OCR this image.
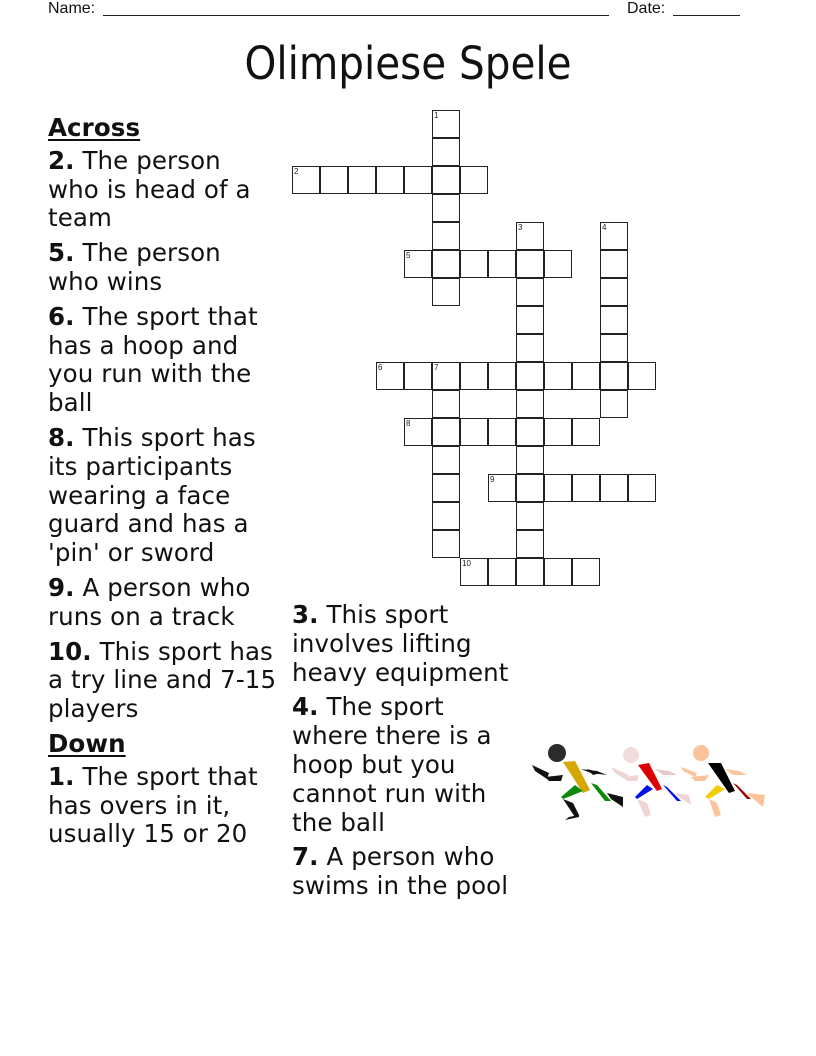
Name:	Date:
Olimpiese Spele
Across
2. The person who is head of a team
5. The person who wins
6. The sport that has a hoop and you run with the ball
8. This sport has its participants wearing a face guard and has a 'pin' or sword
9. A person who runs on a track
10. This sport has a try line and 7-15 players
Down
1. The sport that has overs in it, usually 15 or 20
3. This sport involves lifting heavy equipment
4. The sport where there is a hoop but you cannot run with the ball
7. A person who swims in the pool
1
2
3	4
5
6	7
8
9
10
